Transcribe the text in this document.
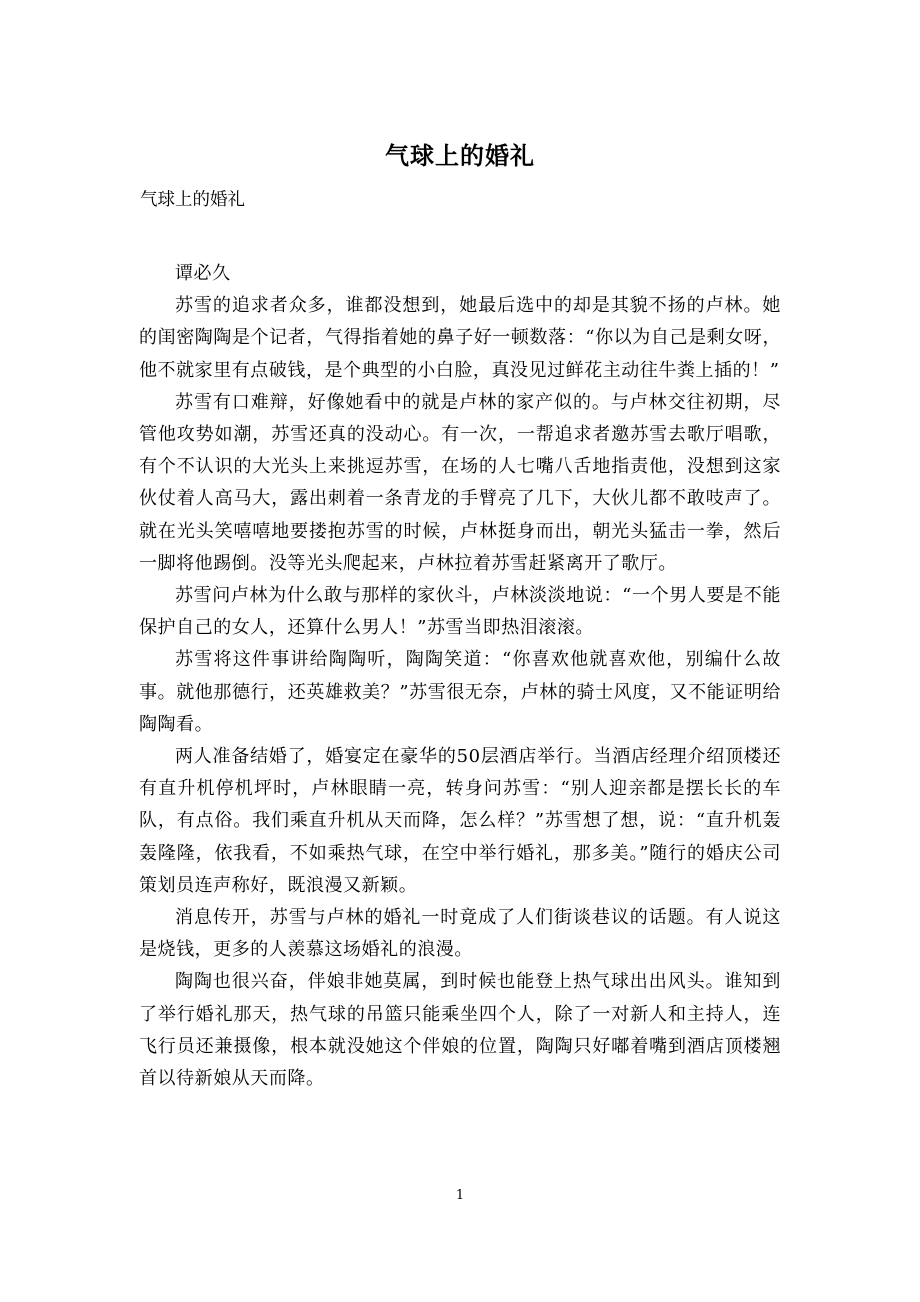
气球上的婚礼
气球上的婚礼

谭必久

苏雪的追求者众多，谁都没想到，她最后选中的却是其貌不扬的卢林。她的闺密陶陶是个记者，气得指着她的鼻子好一顿数落：“你以为自己是剩女呀，他不就家里有点破钱，是个典型的小白脸，真没见过鲜花主动往牛粪上插的！”

苏雪有口难辩，好像她看中的就是卢林的家产似的。与卢林交往初期，尽管他攻势如潮，苏雪还真的没动心。有一次，一帮追求者邀苏雪去歌厅唱歌，有个不认识的大光头上来挑逗苏雪，在场的人七嘴八舌地指责他，没想到这家伙仗着人高马大，露出刺着一条青龙的手臂亮了几下，大伙儿都不敢吱声了。就在光头笑嘻嘻地要搂抱苏雪的时候，卢林挺身而出，朝光头猛击一拳，然后一脚将他踢倒。没等光头爬起来，卢林拉着苏雪赶紧离开了歌厅。

苏雪问卢林为什么敢与那样的家伙斗，卢林淡淡地说：“一个男人要是不能保护自己的女人，还算什么男人！”苏雪当即热泪滚滚。

苏雪将这件事讲给陶陶听，陶陶笑道：“你喜欢他就喜欢他，别编什么故事。就他那德行，还英雄救美？”苏雪很无奈，卢林的骑士风度，又不能证明给陶陶看。

两人准备结婚了，婚宴定在豪华的50层酒店举行。当酒店经理介绍顶楼还有直升机停机坪时，卢林眼睛一亮，转身问苏雪：“别人迎亲都是摆长长的车队，有点俗。我们乘直升机从天而降，怎么样？”苏雪想了想，说：“直升机轰轰隆隆，依我看，不如乘热气球，在空中举行婚礼，那多美。”随行的婚庆公司策划员连声称好，既浪漫又新颖。

消息传开，苏雪与卢林的婚礼一时竟成了人们街谈巷议的话题。有人说这是烧钱，更多的人羡慕这场婚礼的浪漫。

陶陶也很兴奋，伴娘非她莫属，到时候也能登上热气球出出风头。谁知到了举行婚礼那天，热气球的吊篮只能乘坐四个人，除了一对新人和主持人，连飞行员还兼摄像，根本就没她这个伴娘的位置，陶陶只好嘟着嘴到酒店顶楼翘首以待新娘从天而降。

1
